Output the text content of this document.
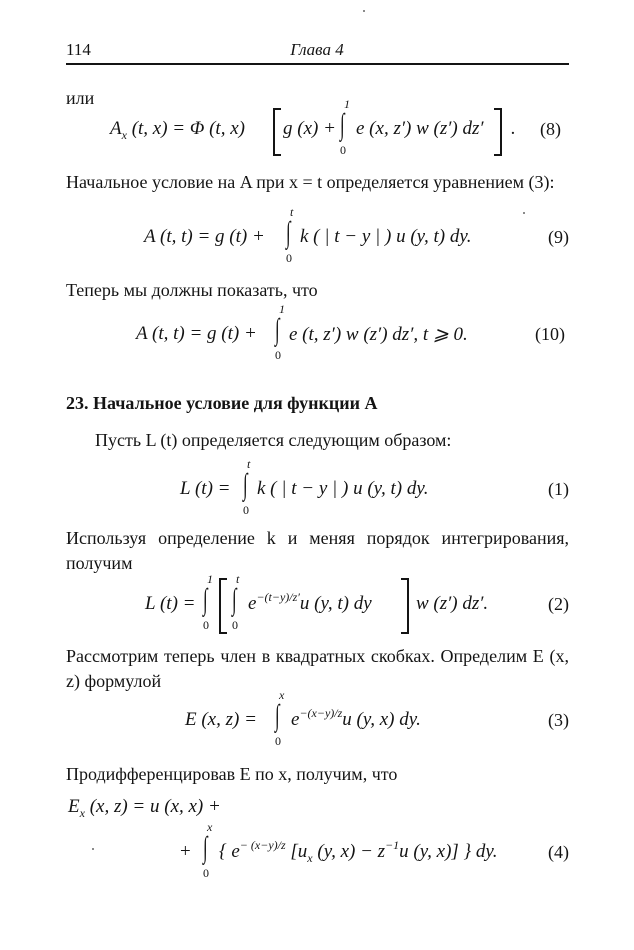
114	Глава 4
или
Ax (t, x) = Φ (t, x) g (x) +
1
∫
0
e (x, z′) w (z′) dz′ . (8)
Начальное условие на A при x = t определяется уравнением (3):
A (t, t) = g (t) +
t
∫
0
k ( | t − y | ) u (y, t) dy.	(9)
Теперь мы должны показать, что
A (t, t) = g (t) +
1
∫
0
e (t, z′) w (z′) dz′, t ⩾ 0.	(10)
23. Начальное условие для функции A
Пусть L (t) определяется следующим образом:
L (t) =
t
∫
0
k ( | t − y | ) u (y, t) dy.	(1)
Используя определение k и меняя порядок интегрирования, получим
L (t) =
1
∫
0
t
∫
0
$e^{-(t-y)/z'}u$ (y, t) dy w (z′) dz′.	(2)
Рассмотрим теперь член в квадратных скобках. Определим E (x, z) формулой
E (x, z) =
x
∫
0
$e^{-(x-y)/z}u$ (y, x) dy.	(3)
Продифференцировав E по x, получим, что
Ex (x, z) = u (x, x) +
+
x
∫
0
{ $e^{- (x-y)/z}$ [ux (y, $x) - z^{-1}u$ (y, x)] } dy.	(4)
